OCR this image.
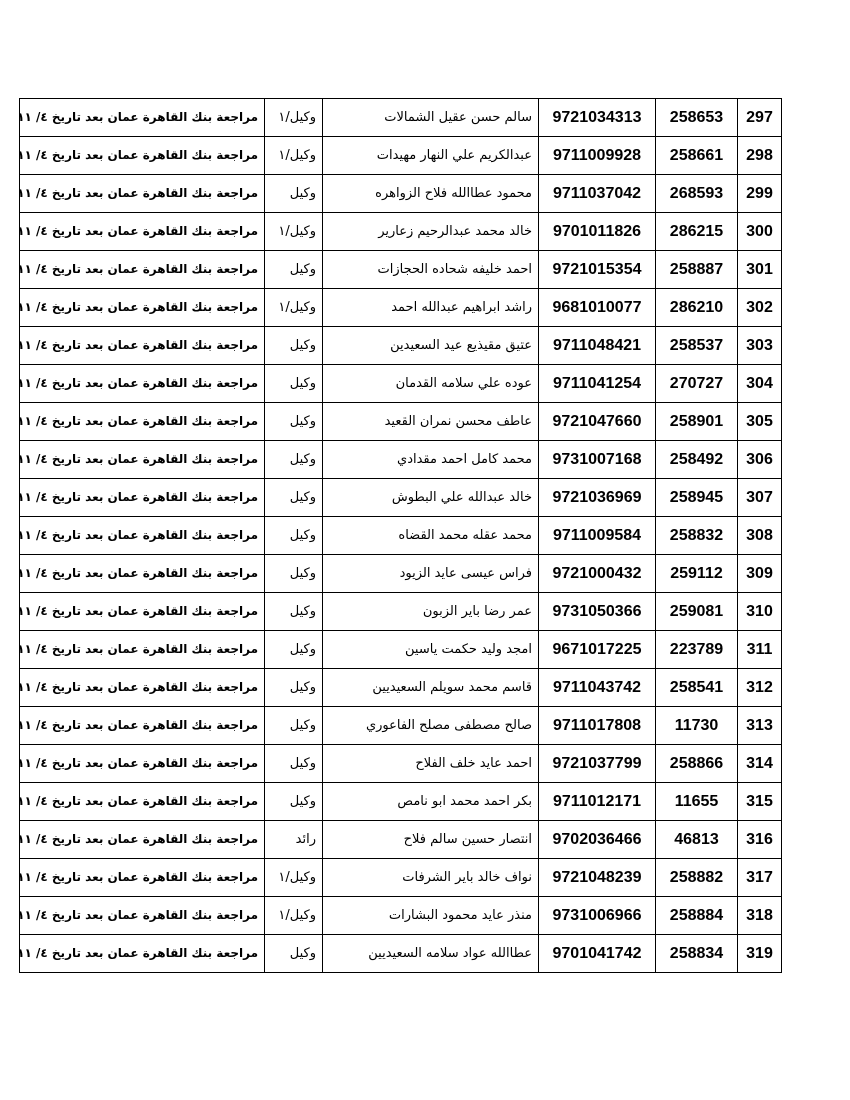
297	258653	9721034313	سالم حسن عقيل الشمالات	وكيل/١	مراجعة بنك القاهرة عمان بعد تاريخ ٤/ ١١
298	258661	9711009928	عبدالكريم علي النهار مهيدات	وكيل/١	مراجعة بنك القاهرة عمان بعد تاريخ ٤/ ١١
299	268593	9711037042	محمود عطاالله فلاح الزواهره	وكيل	مراجعة بنك القاهرة عمان بعد تاريخ ٤/ ١١
300	286215	9701011826	خالد محمد عبدالرحيم زعارير	وكيل/١	مراجعة بنك القاهرة عمان بعد تاريخ ٤/ ١١
301	258887	9721015354	احمد خليفه شحاده الحجازات	وكيل	مراجعة بنك القاهرة عمان بعد تاريخ ٤/ ١١
302	286210	9681010077	راشد ابراهيم عبدالله احمد	وكيل/١	مراجعة بنك القاهرة عمان بعد تاريخ ٤/ ١١
303	258537	9711048421	عتيق مقيذيع عيد السعيدين	وكيل	مراجعة بنك القاهرة عمان بعد تاريخ ٤/ ١١
304	270727	9711041254	عوده علي سلامه القدمان	وكيل	مراجعة بنك القاهرة عمان بعد تاريخ ٤/ ١١
305	258901	9721047660	عاطف محسن نمران القعيد	وكيل	مراجعة بنك القاهرة عمان بعد تاريخ ٤/ ١١
306	258492	9731007168	محمد كامل احمد مقدادي	وكيل	مراجعة بنك القاهرة عمان بعد تاريخ ٤/ ١١
307	258945	9721036969	خالد عبدالله علي البطوش	وكيل	مراجعة بنك القاهرة عمان بعد تاريخ ٤/ ١١
308	258832	9711009584	محمد عقله محمد القضاه	وكيل	مراجعة بنك القاهرة عمان بعد تاريخ ٤/ ١١
309	259112	9721000432	فراس عيسى عايد الزيود	وكيل	مراجعة بنك القاهرة عمان بعد تاريخ ٤/ ١١
310	259081	9731050366	عمر رضا باير الزبون	وكيل	مراجعة بنك القاهرة عمان بعد تاريخ ٤/ ١١
311	223789	9671017225	امجد وليد حكمت ياسين	وكيل	مراجعة بنك القاهرة عمان بعد تاريخ ٤/ ١١
312	258541	9711043742	قاسم محمد سويلم السعيديين	وكيل	مراجعة بنك القاهرة عمان بعد تاريخ ٤/ ١١
313	11730	9711017808	صالح مصطفى مصلح الفاعوري	وكيل	مراجعة بنك القاهرة عمان بعد تاريخ ٤/ ١١
314	258866	9721037799	احمد عايد خلف الفلاح	وكيل	مراجعة بنك القاهرة عمان بعد تاريخ ٤/ ١١
315	11655	9711012171	بكر احمد محمد ابو نامص	وكيل	مراجعة بنك القاهرة عمان بعد تاريخ ٤/ ١١
316	46813	9702036466	انتصار حسين سالم فلاح	رائد	مراجعة بنك القاهرة عمان بعد تاريخ ٤/ ١١
317	258882	9721048239	نواف خالد باير الشرفات	وكيل/١	مراجعة بنك القاهرة عمان بعد تاريخ ٤/ ١١
318	258884	9731006966	منذر عايد محمود البشارات	وكيل/١	مراجعة بنك القاهرة عمان بعد تاريخ ٤/ ١١
319	258834	9701041742	عطاالله عواد سلامه السعيديين	وكيل	مراجعة بنك القاهرة عمان بعد تاريخ ٤/ ١١
